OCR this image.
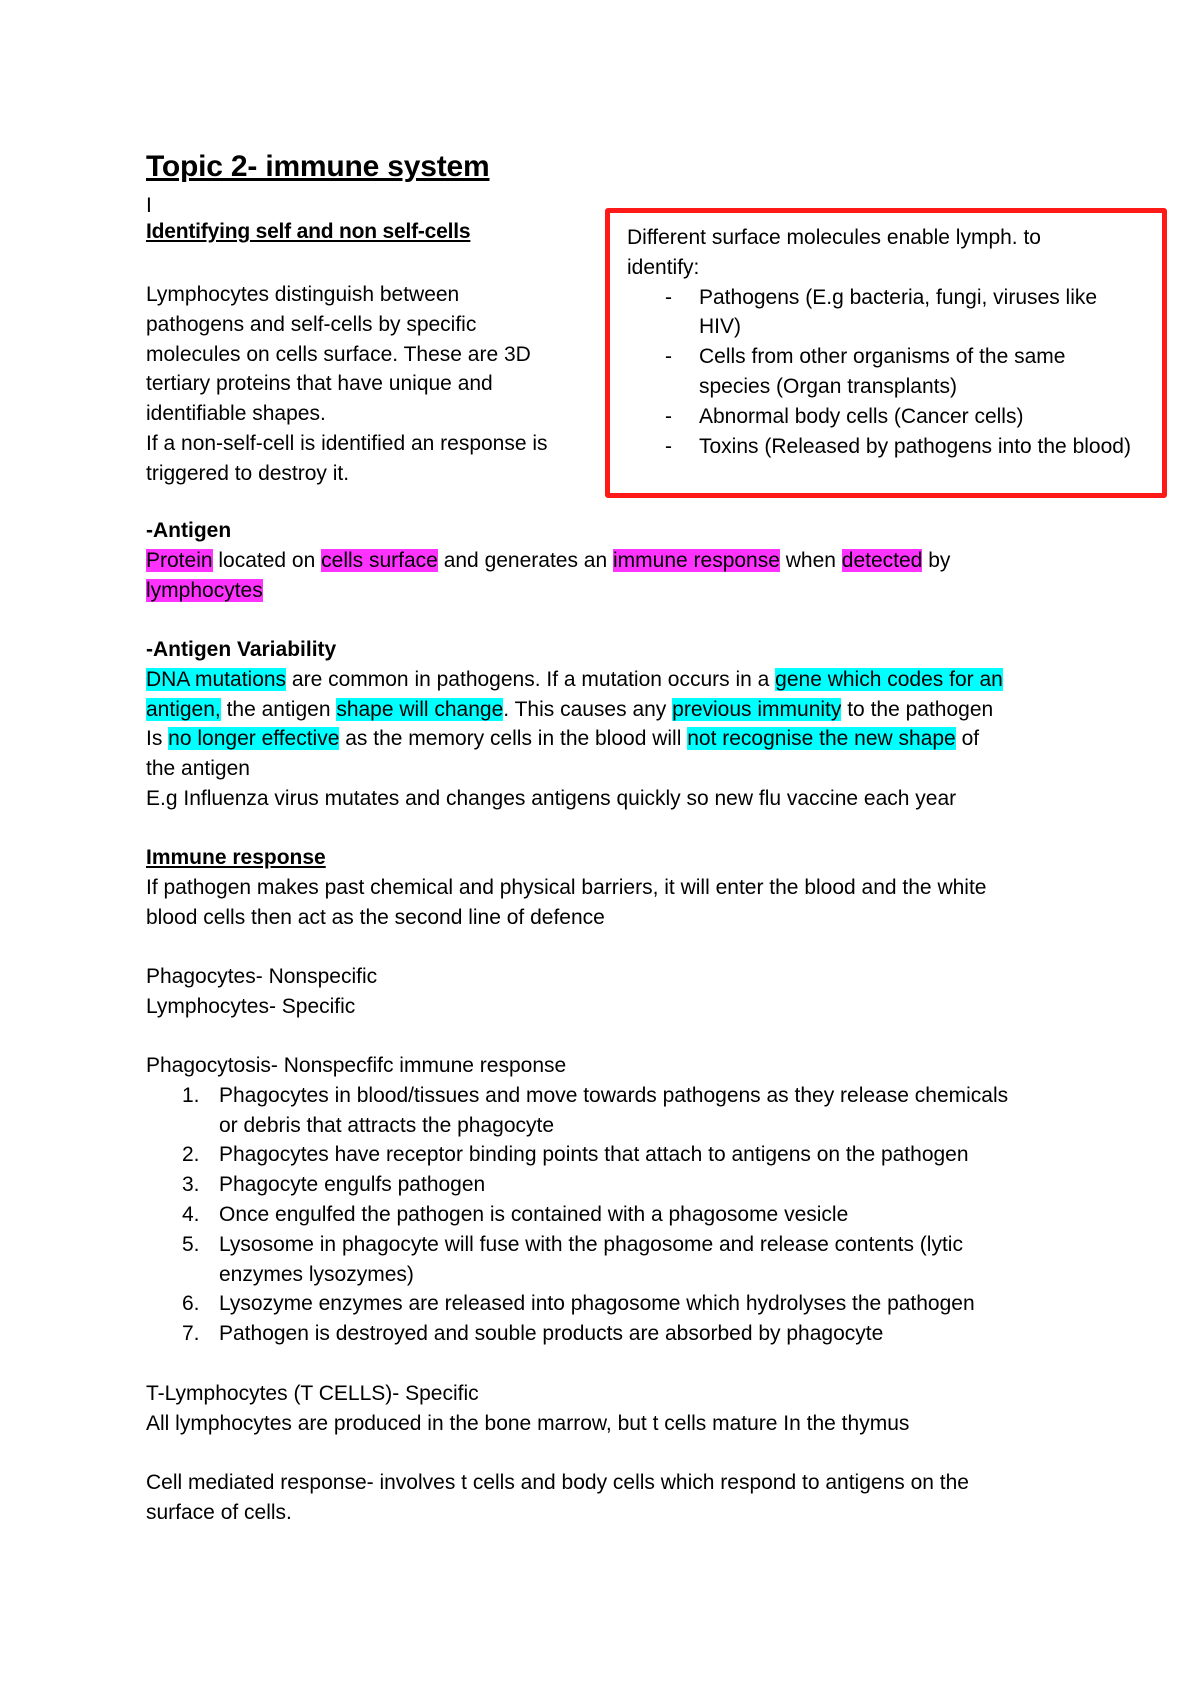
Topic 2- immune system
I
Identifying self and non self-cells
Lymphocytes distinguish between
pathogens and self-cells by specific
molecules on cells surface. These are 3D
tertiary proteins that have unique and
identifiable shapes.
If a non-self-cell is identified an response is
triggered to destroy it.
Different surface molecules enable lymph. to
identify:
- Pathogens (E.g bacteria, fungi, viruses like
HIV)
- Cells from other organisms of the same
species (Organ transplants)
- Abnormal body cells (Cancer cells)
- Toxins (Released by pathogens into the blood)
-Antigen
Protein located on cells surface and generates an immune response when detected by
lymphocytes
-Antigen Variability
DNA mutations are common in pathogens. If a mutation occurs in a gene which codes for an
antigen, the antigen shape will change. This causes any previous immunity to the pathogen
Is no longer effective as the memory cells in the blood will not recognise the new shape of
the antigen
E.g Influenza virus mutates and changes antigens quickly so new flu vaccine each year
Immune response
If pathogen makes past chemical and physical barriers, it will enter the blood and the white
blood cells then act as the second line of defence
Phagocytes- Nonspecific
Lymphocytes- Specific
Phagocytosis- Nonspecfifc immune response
1. Phagocytes in blood/tissues and move towards pathogens as they release chemicals
or debris that attracts the phagocyte
2. Phagocytes have receptor binding points that attach to antigens on the pathogen
3. Phagocyte engulfs pathogen
4. Once engulfed the pathogen is contained with a phagosome vesicle
5. Lysosome in phagocyte will fuse with the phagosome and release contents (lytic
enzymes lysozymes)
6. Lysozyme enzymes are released into phagosome which hydrolyses the pathogen
7. Pathogen is destroyed and souble products are absorbed by phagocyte
T-Lymphocytes (T CELLS)- Specific
All lymphocytes are produced in the bone marrow, but t cells mature In the thymus
Cell mediated response- involves t cells and body cells which respond to antigens on the
surface of cells.
